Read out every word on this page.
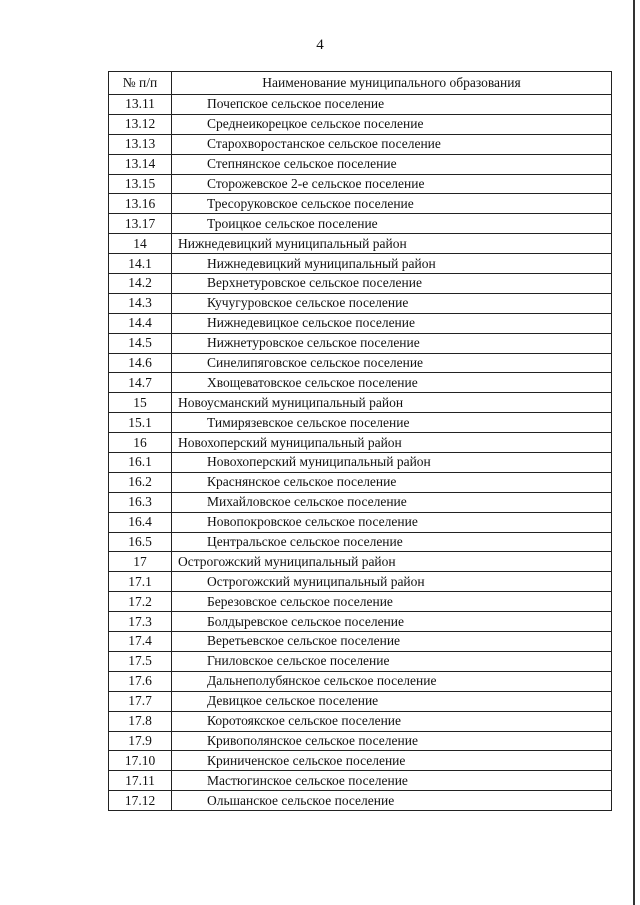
4
№ п/п	Наименование муниципального образования
13.11	Почепское сельское поселение
13.12	Среднеикорецкое сельское поселение
13.13	Старохворостанское сельское поселение
13.14	Степнянское сельское поселение
13.15	Сторожевское 2-е сельское поселение
13.16	Тресоруковское сельское поселение
13.17	Троицкое сельское поселение
14	Нижнедевицкий муниципальный район
14.1	Нижнедевицкий муниципальный район
14.2	Верхнетуровское сельское поселение
14.3	Кучугуровское сельское поселение
14.4	Нижнедевицкое сельское поселение
14.5	Нижнетуровское сельское поселение
14.6	Синелипяговское сельское поселение
14.7	Хвощеватовское сельское поселение
15	Новоусманский муниципальный район
15.1	Тимирязевское сельское поселение
16	Новохоперский муниципальный район
16.1	Новохоперский муниципальный район
16.2	Краснянское сельское поселение
16.3	Михайловское сельское поселение
16.4	Новопокровское сельское поселение
16.5	Центральское сельское поселение
17	Острогожский муниципальный район
17.1	Острогожский муниципальный район
17.2	Березовское сельское поселение
17.3	Болдыревское сельское поселение
17.4	Веретьевское сельское поселение
17.5	Гниловское сельское поселение
17.6	Дальнеполубянское сельское поселение
17.7	Девицкое сельское поселение
17.8	Коротоякское сельское поселение
17.9	Кривополянское сельское поселение
17.10	Криниченское сельское поселение
17.11	Мастюгинское сельское поселение
17.12	Ольшанское сельское поселение
